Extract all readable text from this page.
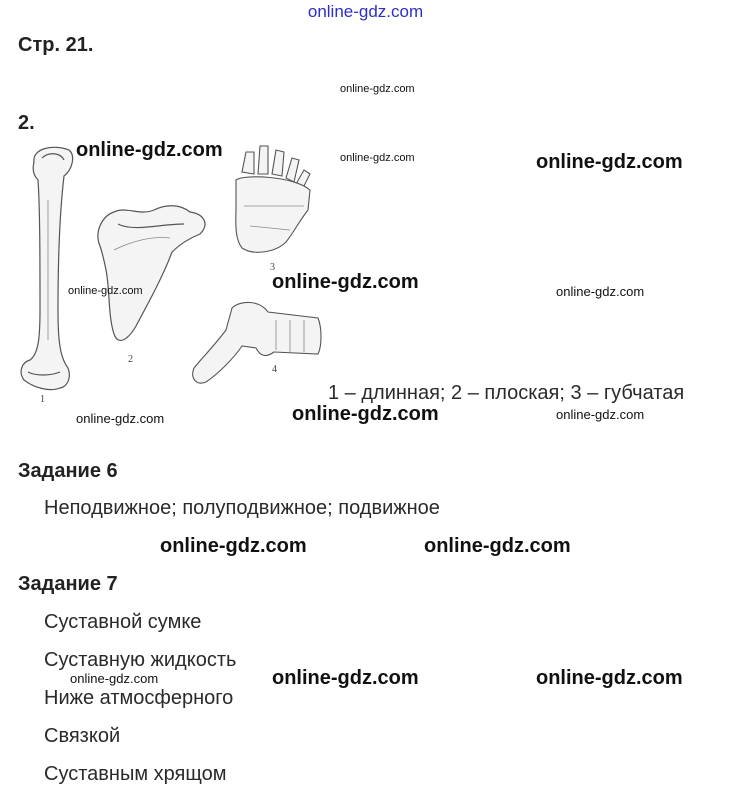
online-gdz.com
Стр. 21.
online-gdz.com
2.
1
2
3
4
online-gdz.com	online-gdz.com	online-gdz.com
online-gdz.com	online-gdz.com	online-gdz.com
1 – длинная; 2 – плоская; 3 – губчатая
online-gdz.com	online-gdz.com	online-gdz.com
Задание 6
Неподвижное; полуподвижное; подвижное
online-gdz.com	online-gdz.com
Задание 7
Суставной сумке
Суставную жидкость
online-gdz.com	online-gdz.com	online-gdz.com
Ниже атмосферного
Связкой
Суставным хрящом
